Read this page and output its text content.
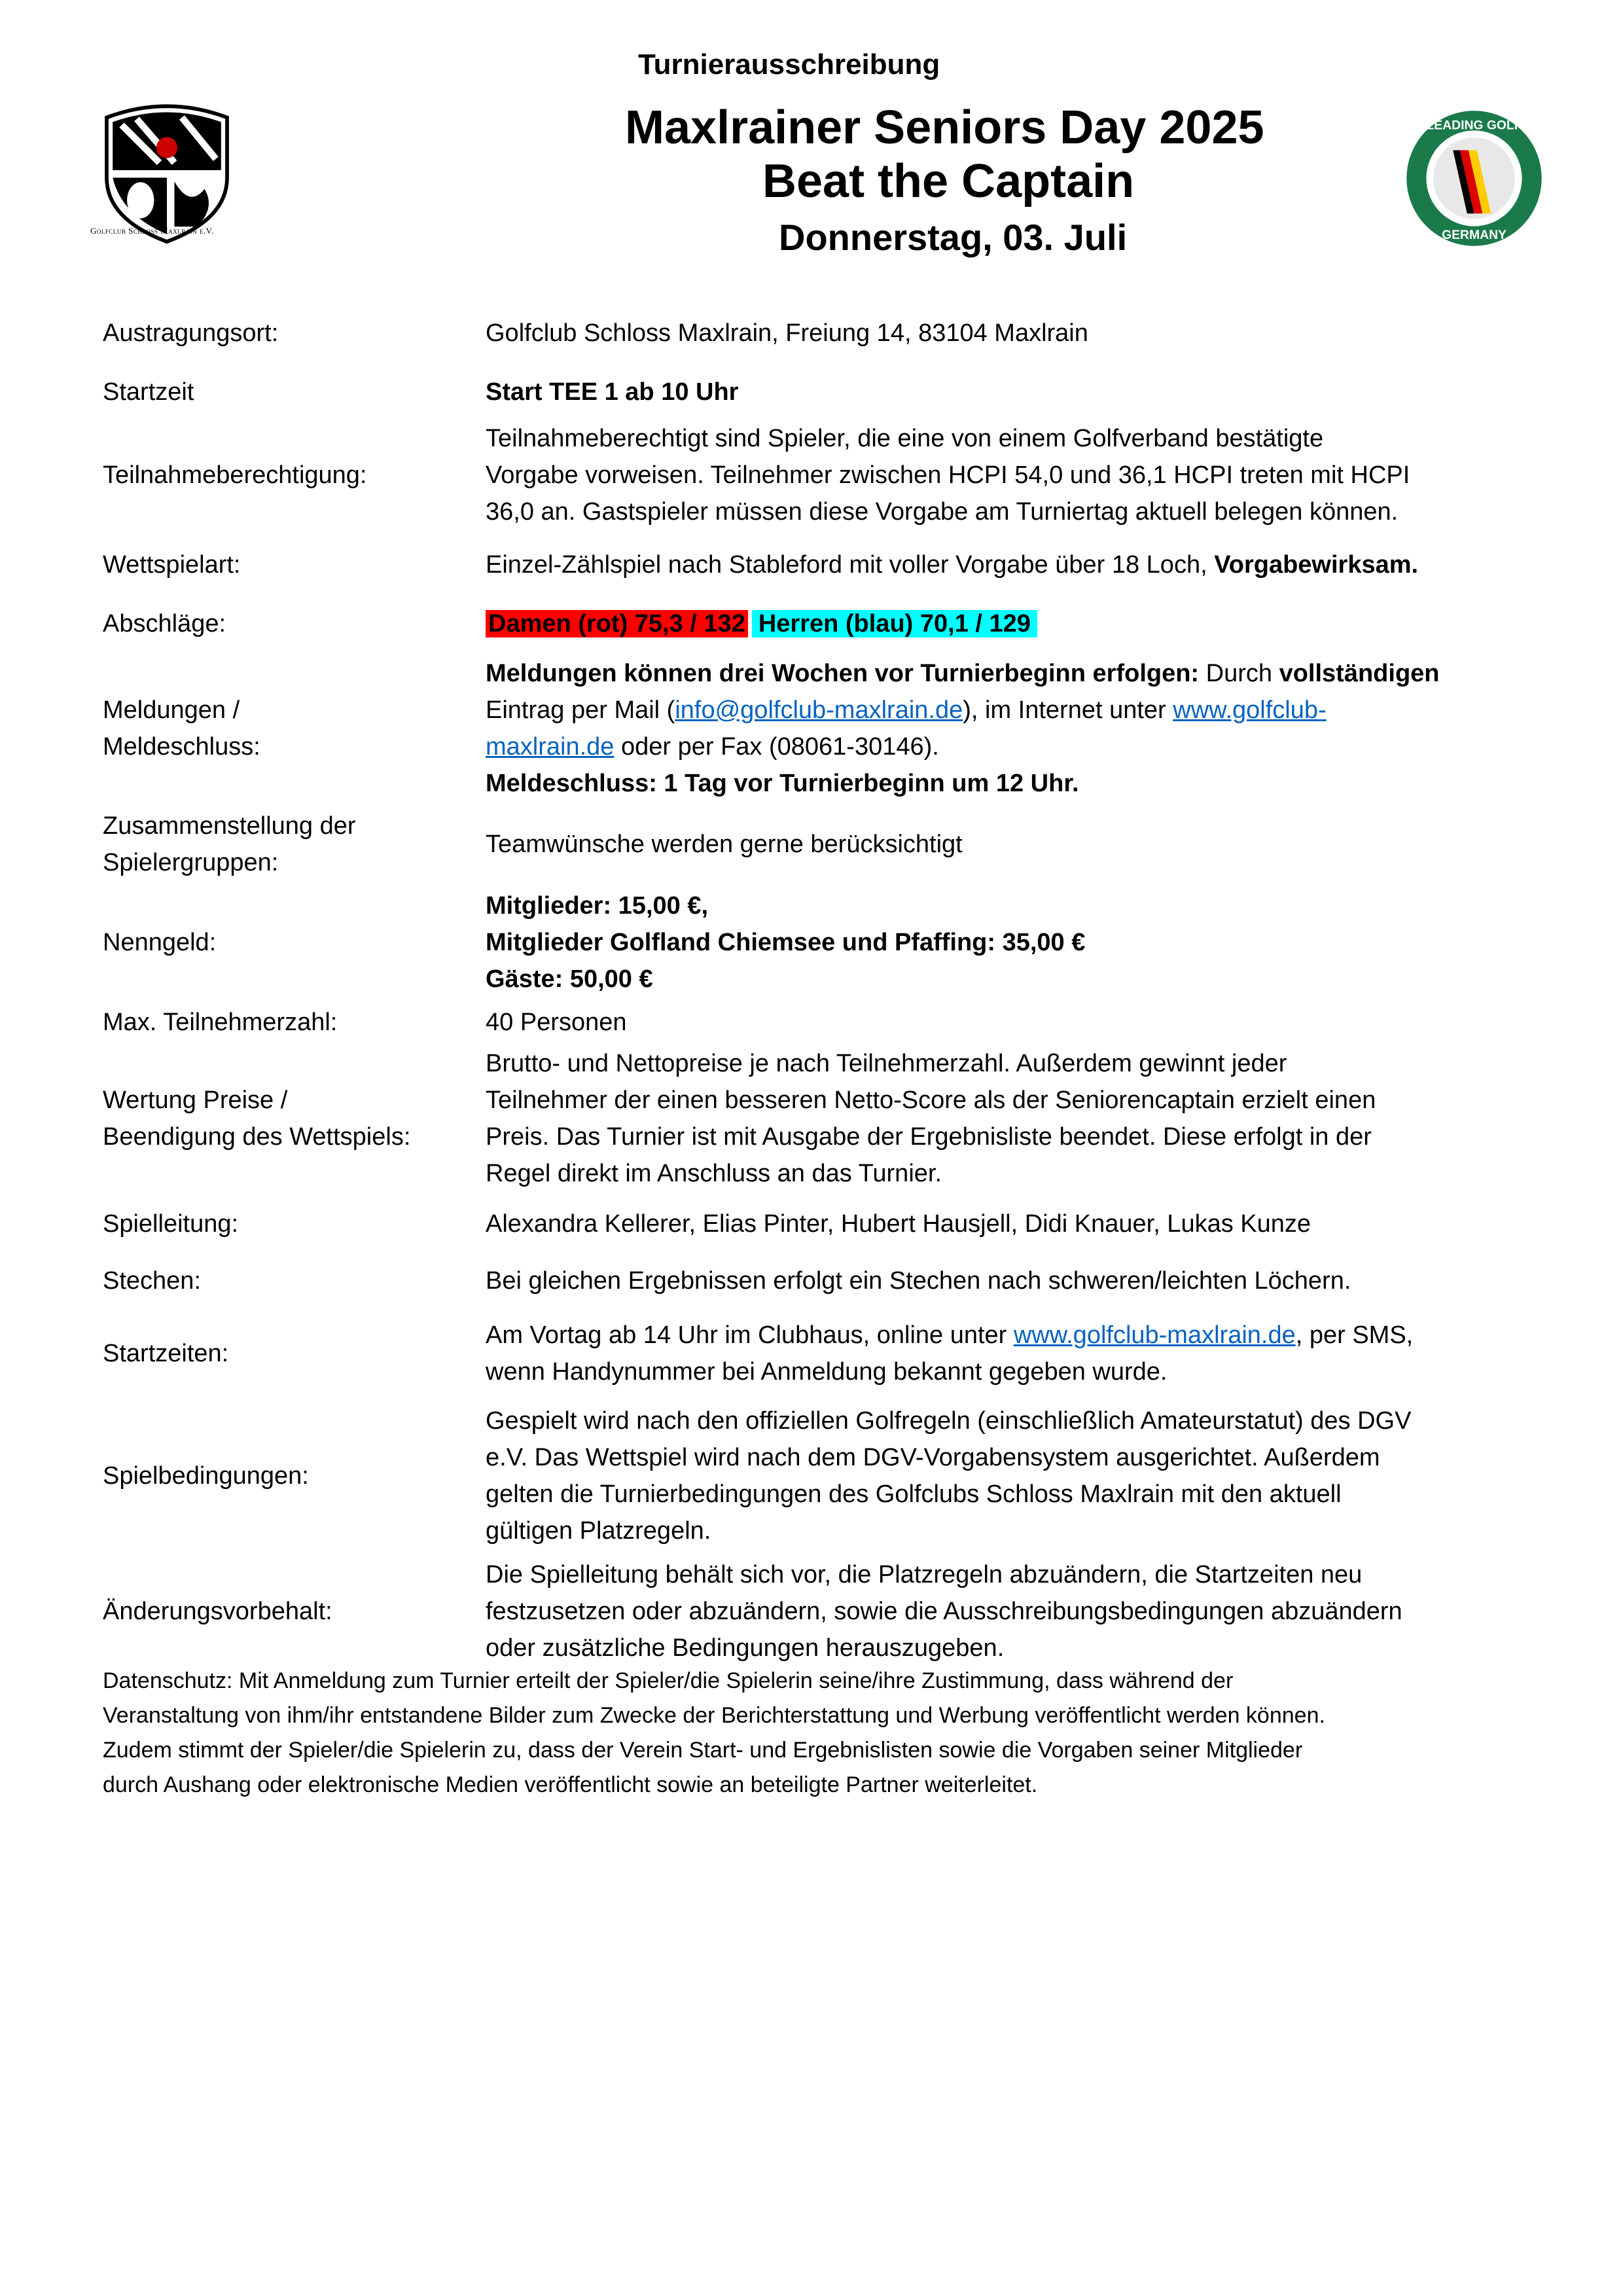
Turnierausschreibung
Maxlrainer Seniors Day 2025
Beat the Captain
Donnerstag, 03. Juli
Golfclub Schloss Maxlrain e.V.
LEADING GOLF
GERMANY
Austragungsort:	Golfclub Schloss Maxlrain, Freiung 14, 83104 Maxlrain
Startzeit	Start TEE 1 ab 10 Uhr
Teilnahmeberechtigung:
Teilnahmeberechtigt sind Spieler, die eine von einem Golfverband bestätigte
Vorgabe vorweisen. Teilnehmer zwischen HCPI 54,0 und 36,1 HCPI treten mit HCPI
36,0 an. Gastspieler müssen diese Vorgabe am Turniertag aktuell belegen können.
Wettspielart:	Einzel-Zählspiel nach Stableford mit voller Vorgabe über 18 Loch, Vorgabewirksam.
Abschläge:	Damen (rot) 75,3 / 132 Herren (blau) 70,1 / 129
Meldungen /
Meldeschluss:
Meldungen können drei Wochen vor Turnierbeginn erfolgen: Durch vollständigen
Eintrag per Mail (info@golfclub-maxlrain.de), im Internet unter www.golfclub-
maxlrain.de oder per Fax (08061-30146).
Meldeschluss: 1 Tag vor Turnierbeginn um 12 Uhr.
Zusammenstellung der
Spielergruppen:
Teamwünsche werden gerne berücksichtigt
Nenngeld:
Mitglieder: 15,00 €,
Mitglieder Golfland Chiemsee und Pfaffing: 35,00 €
Gäste: 50,00 €
Max. Teilnehmerzahl:	40 Personen
Wertung Preise /
Beendigung des Wettspiels:
Brutto- und Nettopreise je nach Teilnehmerzahl. Außerdem gewinnt jeder
Teilnehmer der einen besseren Netto-Score als der Seniorencaptain erzielt einen
Preis. Das Turnier ist mit Ausgabe der Ergebnisliste beendet. Diese erfolgt in der
Regel direkt im Anschluss an das Turnier.
Spielleitung:	Alexandra Kellerer, Elias Pinter, Hubert Hausjell, Didi Knauer, Lukas Kunze
Stechen:	Bei gleichen Ergebnissen erfolgt ein Stechen nach schweren/leichten Löchern.
Startzeiten:
Am Vortag ab 14 Uhr im Clubhaus, online unter www.golfclub-maxlrain.de, per SMS,
wenn Handynummer bei Anmeldung bekannt gegeben wurde.
Spielbedingungen:
Gespielt wird nach den offiziellen Golfregeln (einschließlich Amateurstatut) des DGV
e.V. Das Wettspiel wird nach dem DGV-Vorgabensystem ausgerichtet. Außerdem
gelten die Turnierbedingungen des Golfclubs Schloss Maxlrain mit den aktuell
gültigen Platzregeln.
Änderungsvorbehalt:
Die Spielleitung behält sich vor, die Platzregeln abzuändern, die Startzeiten neu
festzusetzen oder abzuändern, sowie die Ausschreibungsbedingungen abzuändern
oder zusätzliche Bedingungen herauszugeben.
Datenschutz: Mit Anmeldung zum Turnier erteilt der Spieler/die Spielerin seine/ihre Zustimmung, dass während der
Veranstaltung von ihm/ihr entstandene Bilder zum Zwecke der Berichterstattung und Werbung veröffentlicht werden können.
Zudem stimmt der Spieler/die Spielerin zu, dass der Verein Start- und Ergebnislisten sowie die Vorgaben seiner Mitglieder
durch Aushang oder elektronische Medien veröffentlicht sowie an beteiligte Partner weiterleitet.
